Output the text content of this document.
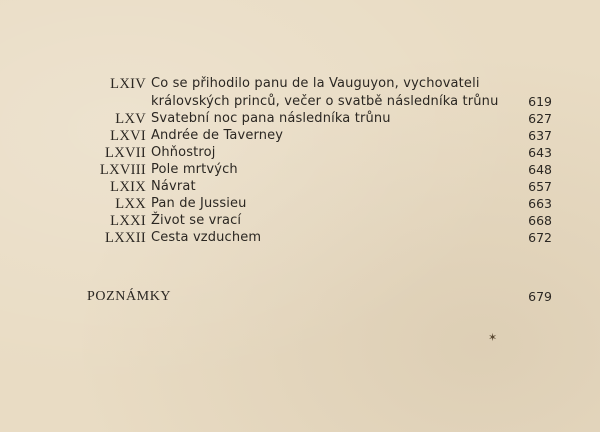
LXIV Co se přihodilo panu de la Vauguyon, vychovateli
královských princů, večer o svatbě následníka trůnu 619
LXV Svatební noc pana následníka trůnu	627
LXVI Andrée de Taverney	637
LXVII Ohňostroj	643
LXVIII Pole mrtvých	648
LXIX Návrat	657
LXX Pan de Jussieu	663
LXXI Život se vrací	668
LXXII Cesta vzduchem	672
POZNÁMKY	679
✶
